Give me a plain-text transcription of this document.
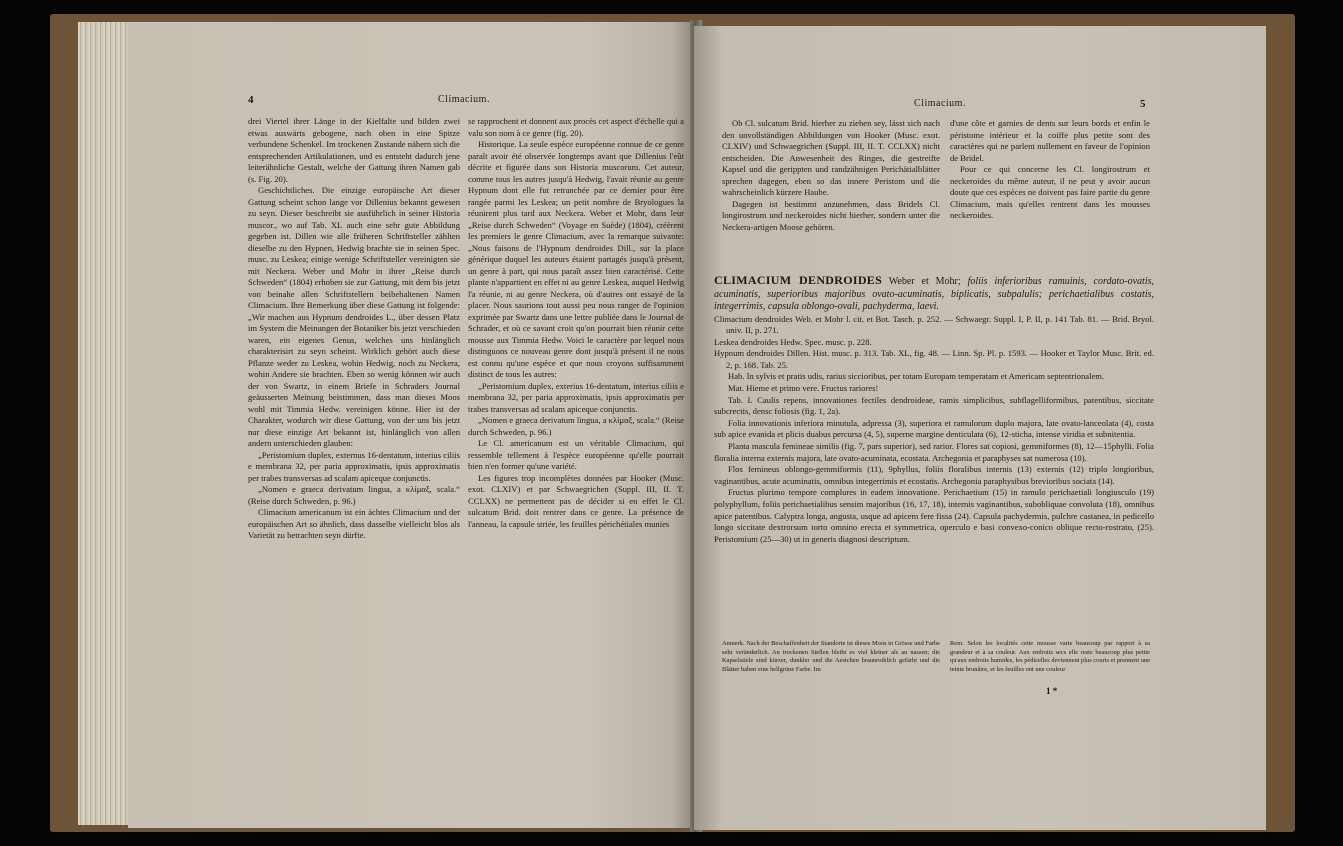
4	Climacium.

drei Viertel ihrer Länge in der Kielfalte und bilden zwei etwas auswärts gebogene, nach oben in eine Spitze verbundene Schenkel. Im trockenen Zustande nähern sich die entsprechenden Artikulationen, und es entsteht dadurch jene leiterähnliche Gestalt, welche der Gattung ihren Namen gab (s. Fig. 20).

Geschichtliches. Die einzige europäische Art dieser Gattung scheint schon lange vor Dillenius bekannt gewesen zu seyn. Dieser beschreibt sie ausführlich in seiner Historia muscor., wo auf Tab. XL auch eine sehr gute Abbildung gegeben ist. Dillen wie alle früheren Schriftsteller zählten dieselbe zu den Hypnen, Hedwig brachte sie in seinen Spec. musc. zu Leskea; einige wenige Schriftsteller vereinigten sie mit Neckera. Weber und Mohr in ihrer „Reise durch Schweden“ (1804) erhoben sie zur Gattung, mit dem bis jetzt von beinahe allen Schriftstellern beibehaltenen Namen Climacium. Ihre Bemerkung über diese Gattung ist folgende: „Wir machen aus Hypnum dendroides L., über dessen Platz im System die Meinungen der Botaniker bis jetzt verschieden waren, ein eigenes Genus, welches uns hinlänglich charakterisirt zu seyn scheint. Wirklich gehört auch diese Pflanze weder zu Leskea, wohin Hedwig, noch zu Neckera, wohin Andere sie brachten. Eben so wenig können wir auch der von Swartz, in einem Briefe in Schraders Journal geäusserten Meinung beistimmen, dass man dieses Moos wohl mit Timmia Hedw. vereinigen könne. Hier ist der Charakter, wodurch wir diese Gattung, von der uns bis jetzt nur diese einzige Art bekannt ist, hinlänglich von allen andern unterschieden glauben:

„Peristomium duplex, externus 16-dentatum, interius ciliis e membrana 32, per paria approximatis, ipsis approximatis per trabes transversas ad scalam apiceque conjunctis.

„Nomen e graeca derivatum lingua, a κλίμαξ, scala.“ (Reise durch Schweden, p. 96.)

Climacium americanum ist ein ächtes Climacium und der europäischen Art so ähnlich, dass dasselbe vielleicht blos als Varietät zu betrachten seyn dürfte.

se rapprochent et donnent aux procès cet aspect d'échelle qui a valu son nom à ce genre (fig. 20).

Historique. La seule espèce européenne connue de ce genre paraît avoir été observée longtemps avant que Dillenius l'eût décrite et figurée dans son Historia muscorum. Cet auteur, comme tous les autres jusqu'à Hedwig, l'avait réunie au genre Hypnum dont elle fut retranchée par ce dernier pour être rangée parmi les Leskea; un petit nombre de Bryologues la réunirent plus tard aux Neckera. Weber et Mohr, dans leur „Reise durch Schweden“ (Voyage en Suède) (1804), créèrent les premiers le genre Climacium, avec la remarque suivante: „Nous faisons de l'Hypnum dendroides Dill., sur la place générique duquel les auteurs étaient partagés jusqu'à présent, un genre à part, qui nous paraît assez bien caractérisé. Cette plante n'appartient en effet ni au genre Leskea, auquel Hedwig l'a réunie, ni au genre Neckera, où d'autres ont essayé de la placer. Nous saurions tout aussi peu nous ranger de l'opinion exprimée par Swartz dans une lettre publiée dans le Journal de Schrader, et où ce savant croit qu'on pourrait bien réunir cette mousse aux Timmia Hedw. Voici le caractère par lequel nous distinguons ce nouveau genre dont jusqu'à présent il ne nous est connu qu'une espèce et que nous croyons suffisamment distinct de tous les autres:

„Peristomium duplex, exterius 16-dentatum, interius ciliis e membrana 32, per paria approximatis, ipsis approximatis per trabes transversas ad scalam apiceque conjunctis.

„Nomen e graeca derivatum lingua, a κλίμαξ, scala.“ (Reise durch Schweden, p. 96.)

Le Cl. americanum est un véritable Climacium, qui ressemble tellement à l'espèce européenne qu'elle pourrait bien n'en former qu'une variété.

Les figures trop incomplètes données par Hooker (Musc. exot. CLXIV) et par Schwaegrichen (Suppl. III, II. T. CCLXX) ne permettent pas de décider si en effet le Cl. sulcatum Brid. doit rentrer dans ce genre. La présence de l'anneau, la capsule striée, les feuilles périchétiales munies

Climacium.	5

Ob Cl. sulcatum Brid. hierher zu ziehen sey, lässt sich nach den unvollständigen Abbildungen von Hooker (Musc. exot. CLXIV) und Schwaegrichen (Suppl. III, II. T. CCLXX) nicht entscheiden. Die Anwesenheit des Ringes, die gestreifte Kapsel und die gerippten und randzähnigen Perichätialblätter sprechen dagegen, eben so das innere Peristom und die wahrscheinlich kürzere Haube.

Dagegen ist bestimmt anzunehmen, dass Bridels Cl. longirostrum und neckeroides nicht hierher, sondern unter die Neckera-artigen Moose gehören.

d'une côte et garnies de dents sur leurs bords et enfin le péristome intérieur et la coiffe plus petite sont des caractères qui ne parlent nullement en faveur de l'opinion de Bridel.

Pour ce qui concerne les Cl. longirostrum et neckeroides du même auteur, il ne peut y avoir aucun doute que ces espèces ne doivent pas faire partie du genre Climacium, mais qu'elles rentrent dans les mousses neckeroides.

CLIMACIUM DENDROIDES Weber et Mohr; foliis inferioribus ramuinis, cordato-ovatis, acuminatis, superioribus majoribus ovato-acuminatis, biplicatis, subpalulis; perichaetialibus costatis, integerrimis, capsula oblongo-ovali, pachyderma, laevi.

Climacium dendroides Web. et Mohr l. cit. et Bot. Tasch. p. 252. — Schwaegr. Suppl. I, P. II, p. 141 Tab. 81. — Brid. Bryol. univ. II, p. 271.

Leskea dendroides Hedw. Spec. musc. p. 228.

Hypnum dendroides Dillen. Hist. musc. p. 313. Tab. XL, fig. 48. — Linn. Sp. Pl. p. 1593. — Hooker et Taylor Musc. Brit. ed. 2, p. 168. Tab. 25.

Hab. In sylvis et pratis udis, rarius siccioribus, per totam Europam temperatam et Americam septentrionalem.

Mat. Hieme et primo vere. Fructus rariores!

Tab. I. Caulis repens, innovationes fectiles dendroideae, ramis simplicibus, subflagelliformibus, patentibus, siccitate subcrectis, densc foliosis (fig. 1, 2a).

Folia innovationis inferiora minutula, adpressa (3), superiora et ramulorum duplo majora, late ovato-lanceolata (4), costa sub apice evanida et plicis duabus percursa (4, 5), superne margine denticulata (6), 12-sticha, intense viridia et subnitentia.

Planta mascula femineae similis (fig. 7, pars superior), sed rarior. Flores sat copiosi, gemmiformes (8), 12—15phylli. Folia floralia interna externis majora, late ovato-acuminata, ecostata. Archegonia et paraphyses sat numerosa (10).

Flos femineus oblongo-gemmiformis (11), 9phyllus, foliis floralibus internis (13) externis (12) triplo longioribus, vaginantibus, acute acuminatis, omnibus integerrimis et ecostatis. Archegonia paraphysibus brevioribus sociata (14).

Fructus plurimo tempore complures in eadem innovatione. Perichaetium (15) in ramulo perichaetiali longiusculo (19) polyphyllum, foliis perichaetialibus sensim majoribus (16, 17, 18), internis vaginantibus, subobliquae convoluta (18), omnibus apice patentibus. Calyptra longa, angusta, usque ad apicem fere fissa (24). Capsula pachydermis, pulchre castanea, in pedicello longo siccitate dextrorsum torto omnino erecta et symmetrica, operculo e basi convexo-conico oblique recto-rostrato, (25). Peristomium (25—30) ut in generis diagnosi descriptum.

Anmerk. Nach der Beschaffenheit der Standorte ist dieses Moos in Grösse und Farbe sehr veränderlich. An trockenen Stellen bleibt es viel kleiner als an nassen; die Kapselstiele sind kürzer, dunkler und die Aestchen braunrothlich gefärbt und die Blätter haben eine hellgrüne Farbe. Im

Rem. Selon les localités cette mousse varie beaucoup par rapport à sa grandeur et à sa couleur. Aux endroits secs elle reste beaucoup plus petite qu'aux endroits humides, les pédicelles deviennent plus courts et prennent une teinte brunâtre, et les feuilles ont une couleur

1 *
